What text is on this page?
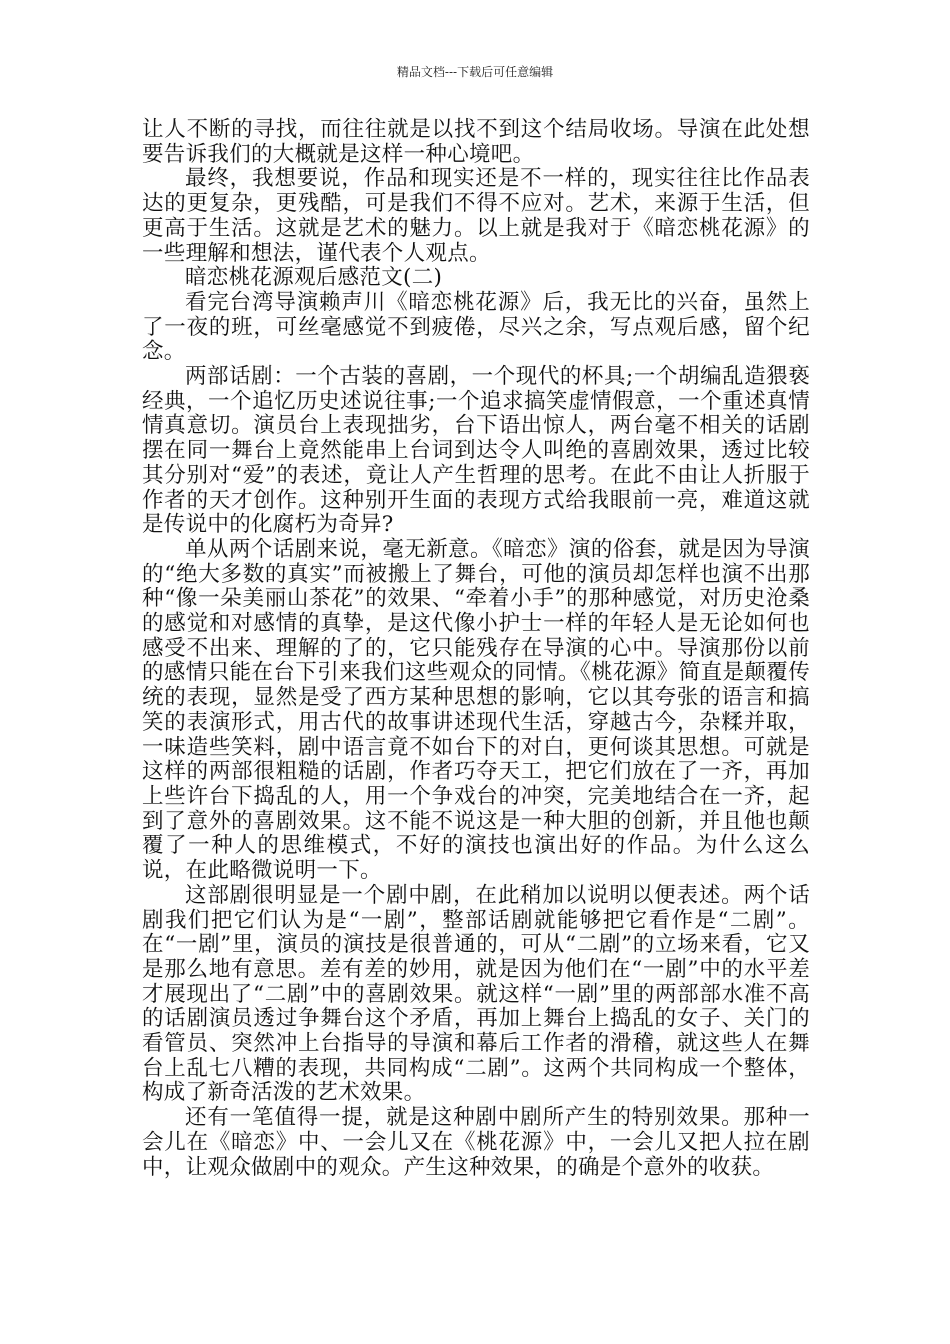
精品文档---下载后可任意编辑

让人不断的寻找，而往往就是以找不到这个结局收场。导演在此处想要告诉我们的大概就是这样一种心境吧。

最终，我想要说，作品和现实还是不一样的，现实往往比作品表达的更复杂，更残酷，可是我们不得不应对。艺术，来源于生活，但更高于生活。这就是艺术的魅力。以上就是我对于《暗恋桃花源》的一些理解和想法，谨代表个人观点。

暗恋桃花源观后感范文(二)

看完台湾导演赖声川《暗恋桃花源》后，我无比的兴奋，虽然上了一夜的班，可丝毫感觉不到疲倦，尽兴之余，写点观后感，留个纪念。

两部话剧：一个古装的喜剧，一个现代的杯具;一个胡编乱造猥亵经典，一个追忆历史述说往事;一个追求搞笑虚情假意，一个重述真情情真意切。演员台上表现拙劣，台下语出惊人，两台毫不相关的话剧摆在同一舞台上竟然能串上台词到达令人叫绝的喜剧效果，透过比较其分别对“爱”的表述，竟让人产生哲理的思考。在此不由让人折服于作者的天才创作。这种别开生面的表现方式给我眼前一亮，难道这就是传说中的化腐朽为奇异?

单从两个话剧来说，毫无新意。《暗恋》演的俗套，就是因为导演的“绝大多数的真实”而被搬上了舞台，可他的演员却怎样也演不出那种“像一朵美丽山茶花”的效果、“牵着小手”的那种感觉，对历史沧桑的感觉和对感情的真挚，是这代像小护士一样的年轻人是无论如何也感受不出来、理解的了的，它只能残存在导演的心中。导演那份以前的感情只能在台下引来我们这些观众的同情。《桃花源》简直是颠覆传统的表现，显然是受了西方某种思想的影响，它以其夸张的语言和搞笑的表演形式，用古代的故事讲述现代生活，穿越古今，杂糅并取，一味造些笑料，剧中语言竟不如台下的对白，更何谈其思想。可就是这样的两部很粗糙的话剧，作者巧夺天工，把它们放在了一齐，再加上些许台下捣乱的人，用一个争戏台的冲突，完美地结合在一齐，起到了意外的喜剧效果。这不能不说这是一种大胆的创新，并且他也颠覆了一种人的思维模式，不好的演技也演出好的作品。为什么这么说，在此略微说明一下。

这部剧很明显是一个剧中剧，在此稍加以说明以便表述。两个话剧我们把它们认为是“一剧”，整部话剧就能够把它看作是“二剧”。在“一剧”里，演员的演技是很普通的，可从“二剧”的立场来看，它又是那么地有意思。差有差的妙用，就是因为他们在“一剧”中的水平差才展现出了“二剧”中的喜剧效果。就这样“一剧”里的两部部水准不高的话剧演员透过争舞台这个矛盾，再加上舞台上捣乱的女子、关门的看管员、突然冲上台指导的导演和幕后工作者的滑稽，就这些人在舞台上乱七八糟的表现，共同构成“二剧”。这两个共同构成一个整体，构成了新奇活泼的艺术效果。

还有一笔值得一提，就是这种剧中剧所产生的特别效果。那种一会儿在《暗恋》中、一会儿又在《桃花源》中，一会儿又把人拉在剧中，让观众做剧中的观众。产生这种效果，的确是个意外的收获。
